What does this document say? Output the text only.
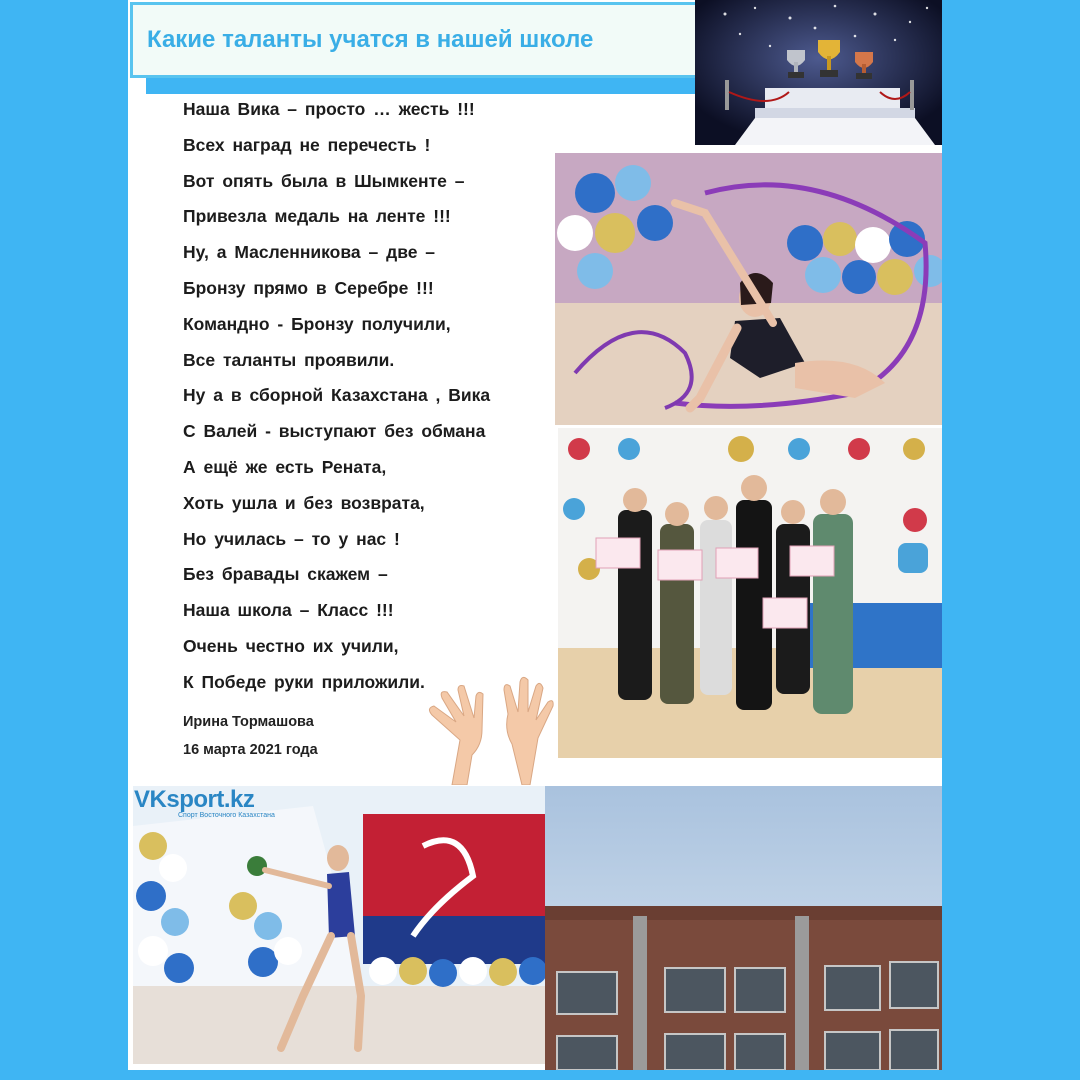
Какие таланты учатся в нашей школе
Наша Вика – просто … жесть !!!
Всех наград не перечесть !
Вот опять была в Шымкенте –
Привезла медаль на ленте !!!
Ну, а Масленникова – две –
Бронзу прямо в Серебре !!!
Командно - Бронзу получили,
Все таланты проявили.
Ну а в сборной Казахстана , Вика
С Валей - выступают без обмана
А ещё же есть Рената,
Хоть ушла и без возврата,
Но училась – то у нас !
Без бравады скажем –
Наша школа – Класс !!!
Очень честно их учили,
К Победе руки приложили.
Ирина Тормашова
16 марта 2021 года
VKsport.kz
Спорт Восточного Казахстана
